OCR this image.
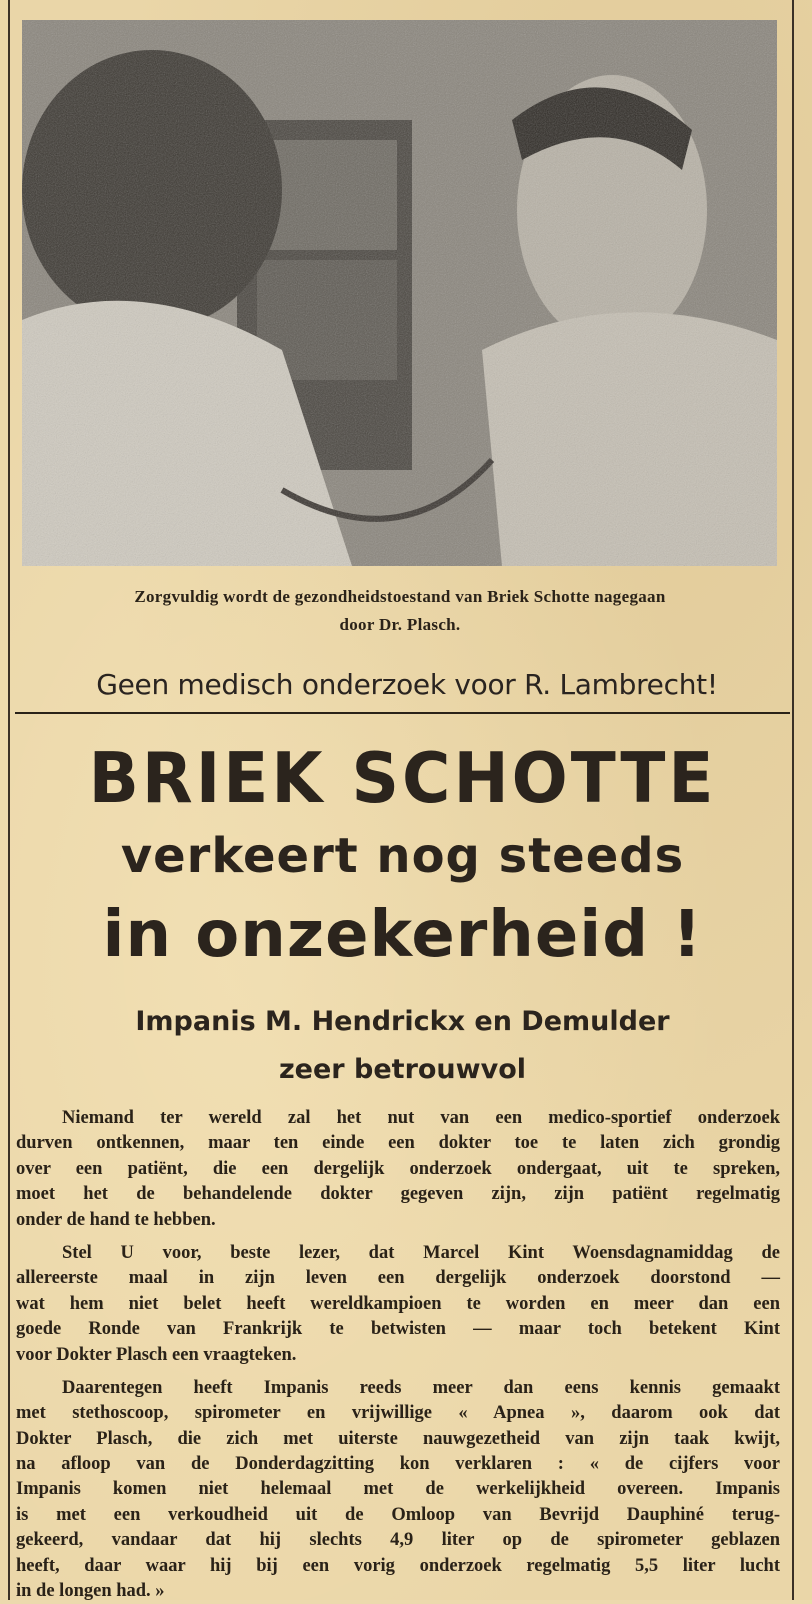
Zorgvuldig wordt de gezondheidstoestand van Briek Schotte nagegaan
door Dr. Plasch.
Geen medisch onderzoek voor R. Lambrecht!
BRIEK SCHOTTE
verkeert nog steeds
in onzekerheid !
Impanis M. Hendrickx en Demulder
zeer betrouwvol
Niemand ter wereld zal het nut van een medico-sportief onderzoek
durven ontkennen, maar ten einde een dokter toe te laten zich grondig
over een patiënt, die een dergelijk onderzoek ondergaat, uit te spreken,
moet het de behandelende dokter gegeven zijn, zijn patiënt regelmatig
onder de hand te hebben.
Stel U voor, beste lezer, dat Marcel Kint Woensdagnamiddag de
allereerste maal in zijn leven een dergelijk onderzoek doorstond —
wat hem niet belet heeft wereldkampioen te worden en meer dan een
goede Ronde van Frankrijk te betwisten — maar toch betekent Kint
voor Dokter Plasch een vraagteken.
Daarentegen heeft Impanis reeds meer dan eens kennis gemaakt
met stethoscoop, spirometer en vrijwillige « Apnea », daarom ook dat
Dokter Plasch, die zich met uiterste nauwgezetheid van zijn taak kwijt,
na afloop van de Donderdagzitting kon verklaren : « de cijfers voor
Impanis komen niet helemaal met de werkelijkheid overeen. Impanis
is met een verkoudheid uit de Omloop van Bevrijd Dauphiné terug-
gekeerd, vandaar dat hij slechts 4,9 liter op de spirometer geblazen
heeft, daar waar hij bij een vorig onderzoek regelmatig 5,5 liter lucht
in de longen had. »
